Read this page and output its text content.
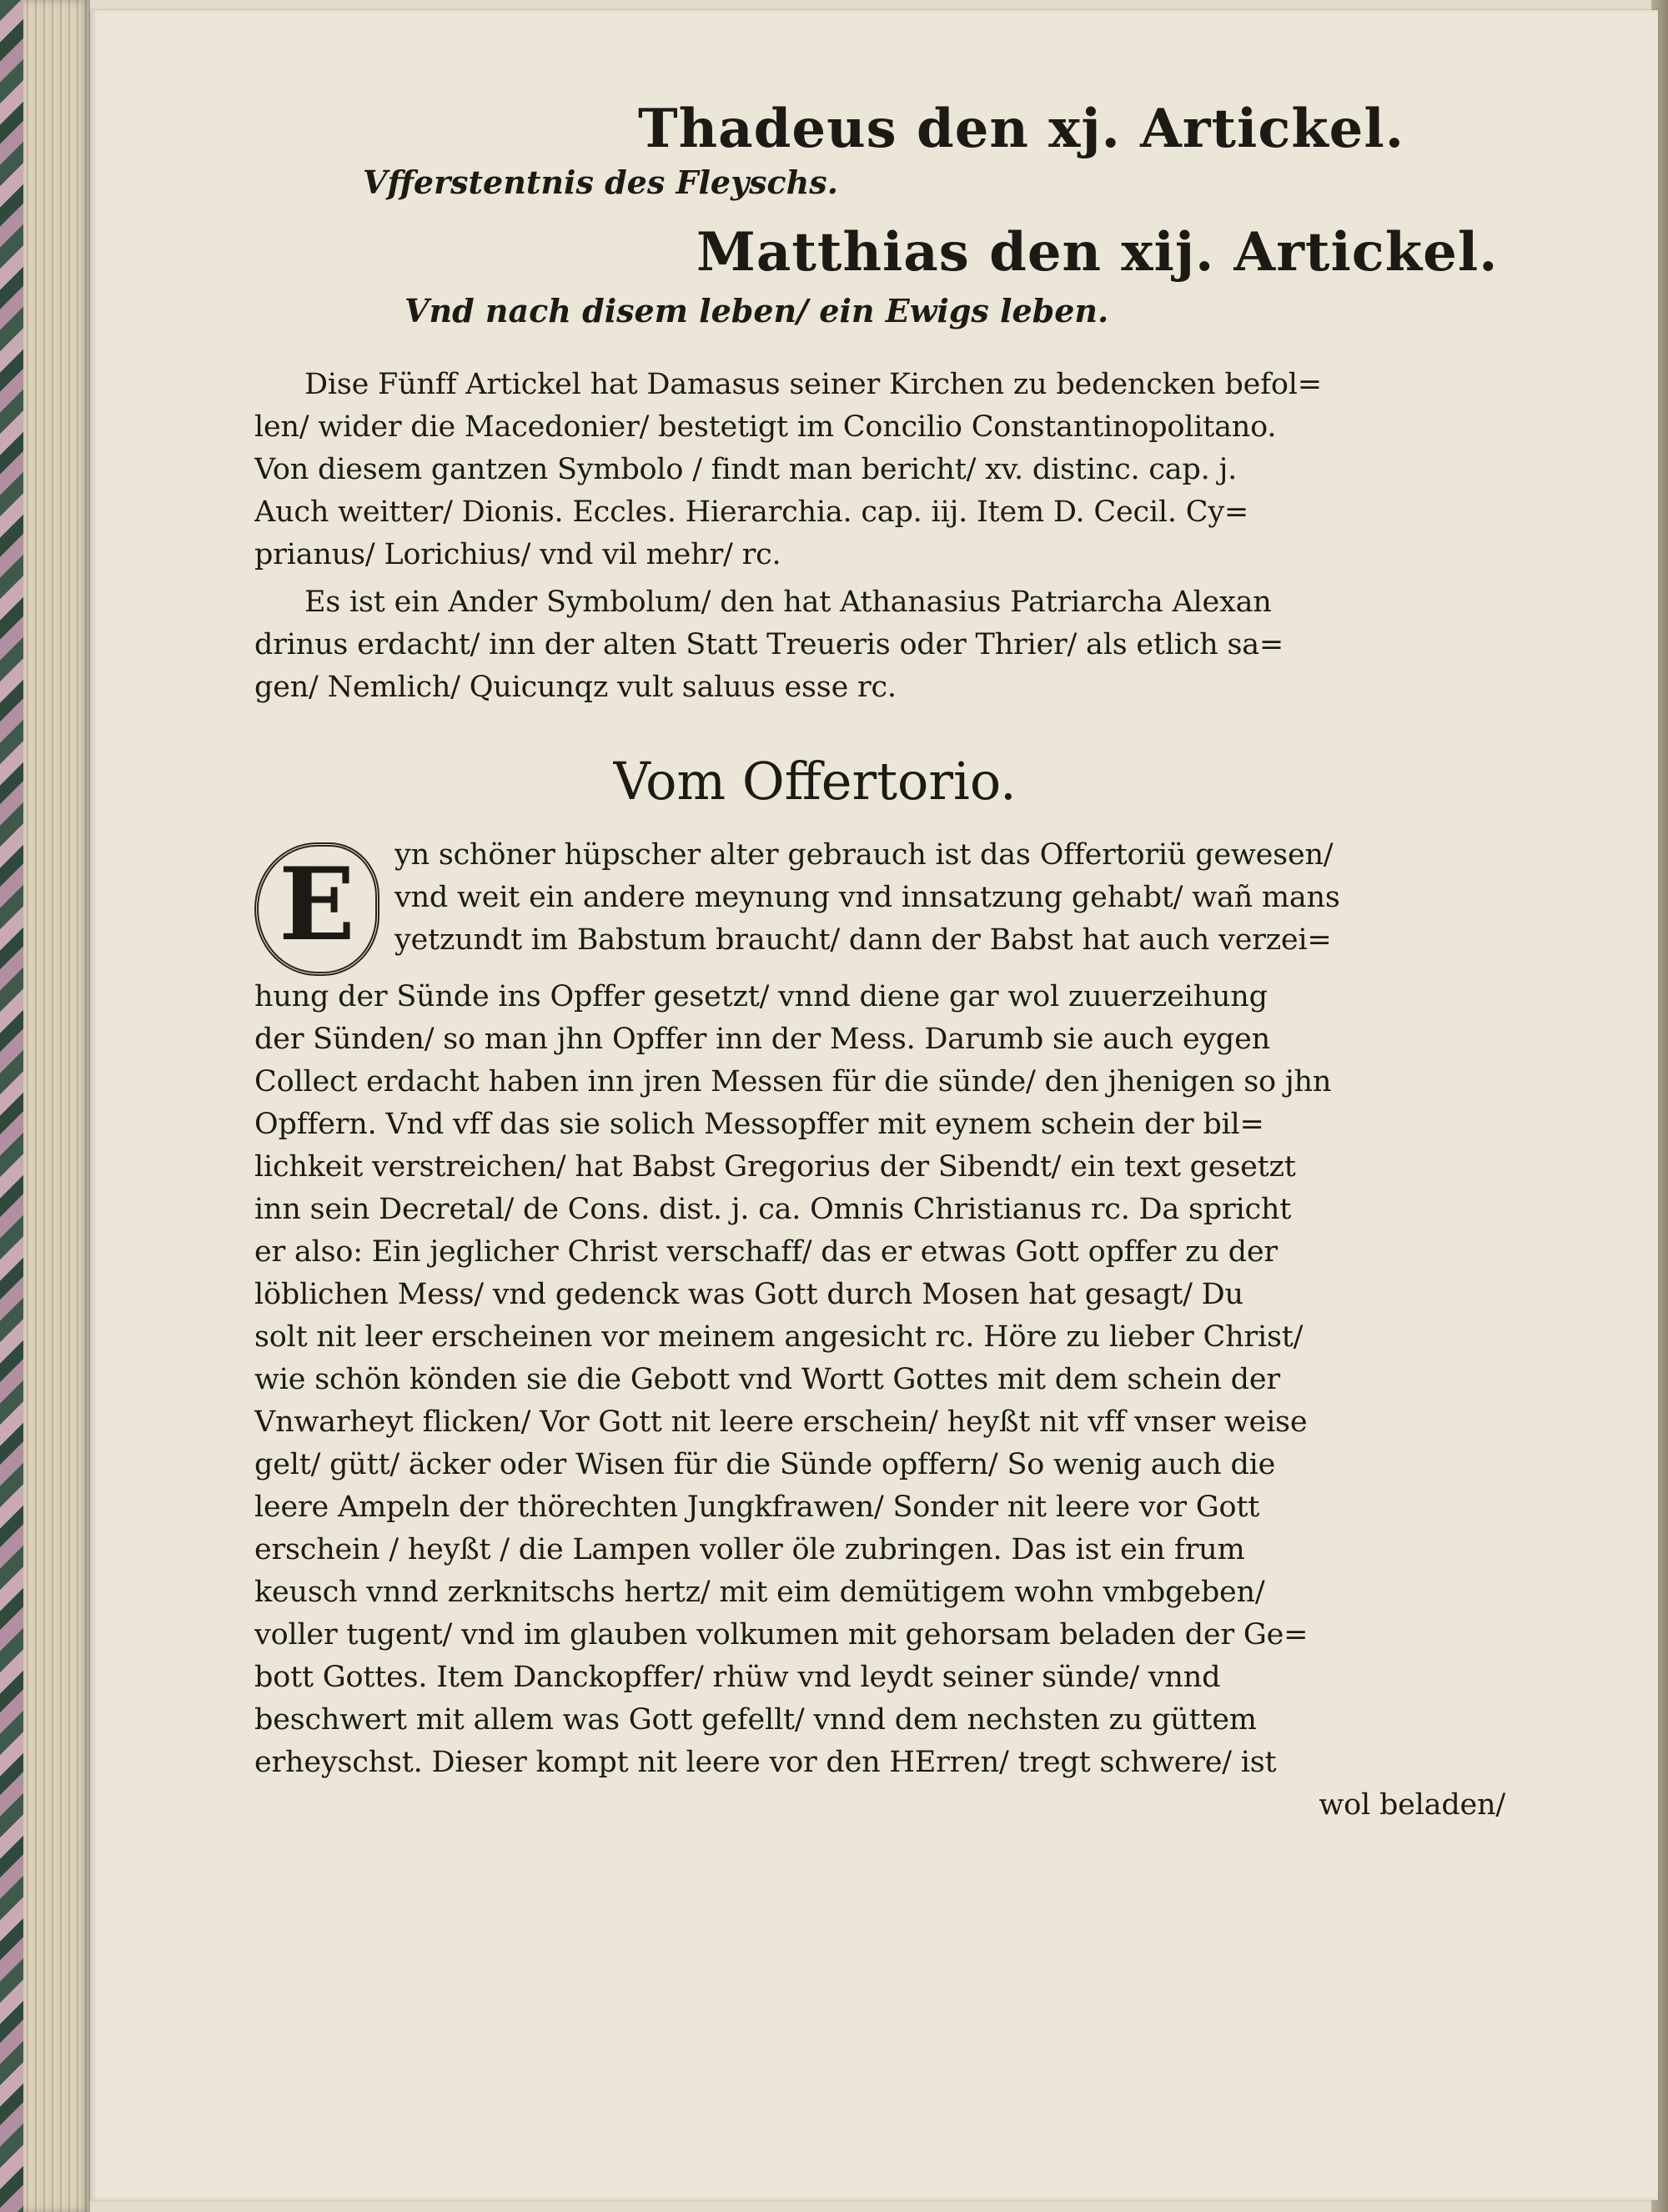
Thadeus den xj. Artickel.
Vfferstentnis des Fleyschs.
Matthias den xij. Artickel.
Vnd nach disem leben/ ein Ewigs leben.
Dise Fünff Artickel hat Damasus seiner Kirchen zu bedencken befol=
len/ wider die Macedonier/ bestetigt im Concilio Constantinopolitano.
Von diesem gantzen Symbolo / findt man bericht/ xv. distinc. cap. j.
Auch weitter/ Dionis. Eccles. Hierarchia. cap. iij. Item D. Cecil. Cy=
prianus/ Lorichius/ vnd vil mehr/ rc.
Es ist ein Ander Symbolum/ den hat Athanasius Patriarcha Alexan
drinus erdacht/ inn der alten Statt Treueris oder Thrier/ als etlich sa=
gen/ Nemlich/ Quicunqz vult saluus esse rc.
Vom Offertorio.
E	yn schöner hüpscher alter gebrauch ist das Offertoriü gewesen/
vnd weit ein andere meynung vnd innsatzung gehabt/ wañ mans
yetzundt im Babstum braucht/ dann der Babst hat auch verzei=
hung der Sünde ins Opffer gesetzt/ vnnd diene gar wol zuuerzeihung
der Sünden/ so man jhn Opffer inn der Mess. Darumb sie auch eygen
Collect erdacht haben inn jren Messen für die sünde/ den jhenigen so jhn
Opffern. Vnd vff das sie solich Messopffer mit eynem schein der bil=
lichkeit verstreichen/ hat Babst Gregorius der Sibendt/ ein text gesetzt
inn sein Decretal/ de Cons. dist. j. ca. Omnis Christianus rc. Da spricht
er also: Ein jeglicher Christ verschaff/ das er etwas Gott opffer zu der
löblichen Mess/ vnd gedenck was Gott durch Mosen hat gesagt/ Du
solt nit leer erscheinen vor meinem angesicht rc. Höre zu lieber Christ/
wie schön könden sie die Gebott vnd Wortt Gottes mit dem schein der
Vnwarheyt flicken/ Vor Gott nit leere erschein/ heyßt nit vff vnser weise
gelt/ gütt/ äcker oder Wisen für die Sünde opffern/ So wenig auch die
leere Ampeln der thörechten Jungkfrawen/ Sonder nit leere vor Gott
erschein / heyßt / die Lampen voller öle zubringen. Das ist ein frum
keusch vnnd zerknitschs hertz/ mit eim demütigem wohn vmbgeben/
voller tugent/ vnd im glauben volkumen mit gehorsam beladen der Ge=
bott Gottes. Item Danckopffer/ rhüw vnd leydt seiner sünde/ vnnd
beschwert mit allem was Gott gefellt/ vnnd dem nechsten zu güttem
erheyschst. Dieser kompt nit leere vor den HErren/ tregt schwere/ ist
wol beladen/
